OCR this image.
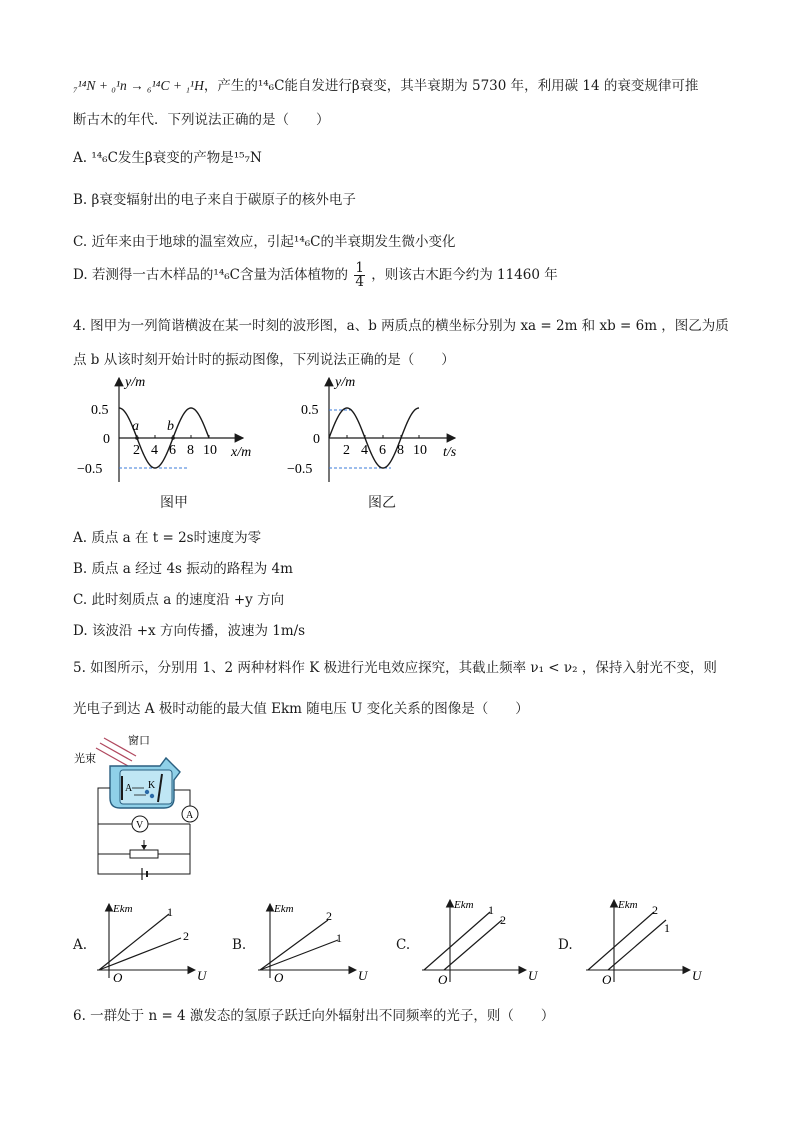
₇¹⁴N + ₀¹n → ₆¹⁴C + ₁¹H，产生的¹⁴₆C能自发进行β衰变，其半衰期为 5730 年，利用碳 14 的衰变规律可推
断古木的年代．下列说法正确的是（　　）
A. ¹⁴₆C发生β衰变的产物是¹⁵₇N
B. β衰变辐射出的电子来自于碳原子的核外电子
C. 近年来由于地球的温室效应，引起¹⁴₆C的半衰期发生微小变化
D. 若测得一古木样品的¹⁴₆C含量为活体植物的 $\frac{1}{4}$ ，则该古木距今约为 11460 年
4. 图甲为一列简谐横波在某一时刻的波形图，a、b 两质点的横坐标分别为 xa = 2m 和 xb = 6m ，图乙为质
点 b 从该时刻开始计时的振动图像，下列说法正确的是（　　）
y/m
x/m
0.5
0
−0.5
2 4 6 8 10
a b
图甲
y/m
t/s
0.5
0
−0.5
2 4 6 8 10
图乙
A. 质点 a 在 t = 2s时速度为零
B. 质点 a 经过 4s 振动的路程为 4m
C. 此时刻质点 a 的速度沿 +y 方向
D. 该波沿 +x 方向传播，波速为 1m/s
5. 如图所示，分别用 1、2 两种材料作 K 极进行光电效应探究，其截止频率 ν₁ < ν₂ ，保持入射光不变，则
光电子到达 A 极时动能的最大值 Ekm 随电压 U 变化关系的图像是（　　）
光束
窗口
A K
A
V
A.
Ekm
U
O
1
2
B.
Ekm
U
O
2
1	C.
Ekm
U
O
1
2
D.
Ekm
U
O
2
1
6. 一群处于 n = 4 激发态的氢原子跃迁向外辐射出不同频率的光子，则（　　）
